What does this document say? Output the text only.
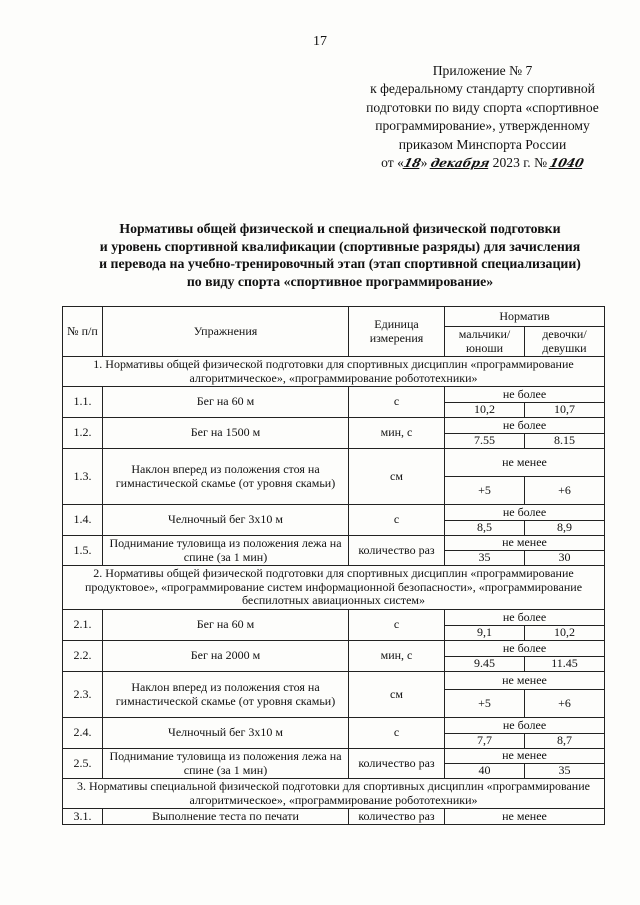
17
Приложение № 7
к федеральному стандарту спортивной
подготовки по виду спорта «спортивное
программирование», утвержденному
приказом Минспорта России
от «18» декабря 2023 г. № 1040
Нормативы общей физической и специальной физической подготовки
и уровень спортивной квалификации (спортивные разряды) для зачисления
и перевода на учебно-тренировочный этап (этап спортивной специализации)
по виду спорта «спортивное программирование»
№ п/п	Упражнения	Единица измерения	Норматив	
			мальчики/ юноши	девочки/ девушки
1. Нормативы общей физической подготовки для спортивных дисциплин «программирование алгоритмическое», «программирование робототехники»				
1.1.	Бег на 60 м	с	не более	
			10,2	10,7
1.2.	Бег на 1500 м	мин, с	не более	
			7.55	8.15
1.3.	Наклон вперед из положения стоя на гимнастической скамье (от уровня скамьи)	см	не менее	
			+5	+6
1.4.	Челночный бег 3х10 м	с	не более	
			8,5	8,9
1.5.	Поднимание туловища из положения лежа на спине (за 1 мин)	количество раз	не менее	
			35	30
2. Нормативы общей физической подготовки для спортивных дисциплин «программирование продуктовое», «программирование систем информационной безопасности», «программирование беспилотных авиационных систем»				
2.1.	Бег на 60 м	с	не более	
			9,1	10,2
2.2.	Бег на 2000 м	мин, с	не более	
			9.45	11.45
2.3.	Наклон вперед из положения стоя на гимнастической скамье (от уровня скамьи)	см	не менее	
			+5	+6
2.4.	Челночный бег 3х10 м	с	не более	
			7,7	8,7
2.5.	Поднимание туловища из положения лежа на спине (за 1 мин)	количество раз	не менее	
			40	35
3. Нормативы специальной физической подготовки для спортивных дисциплин «программирование алгоритмическое», «программирование робототехники»				
3.1.	Выполнение теста по печати	количество раз	не менее	
